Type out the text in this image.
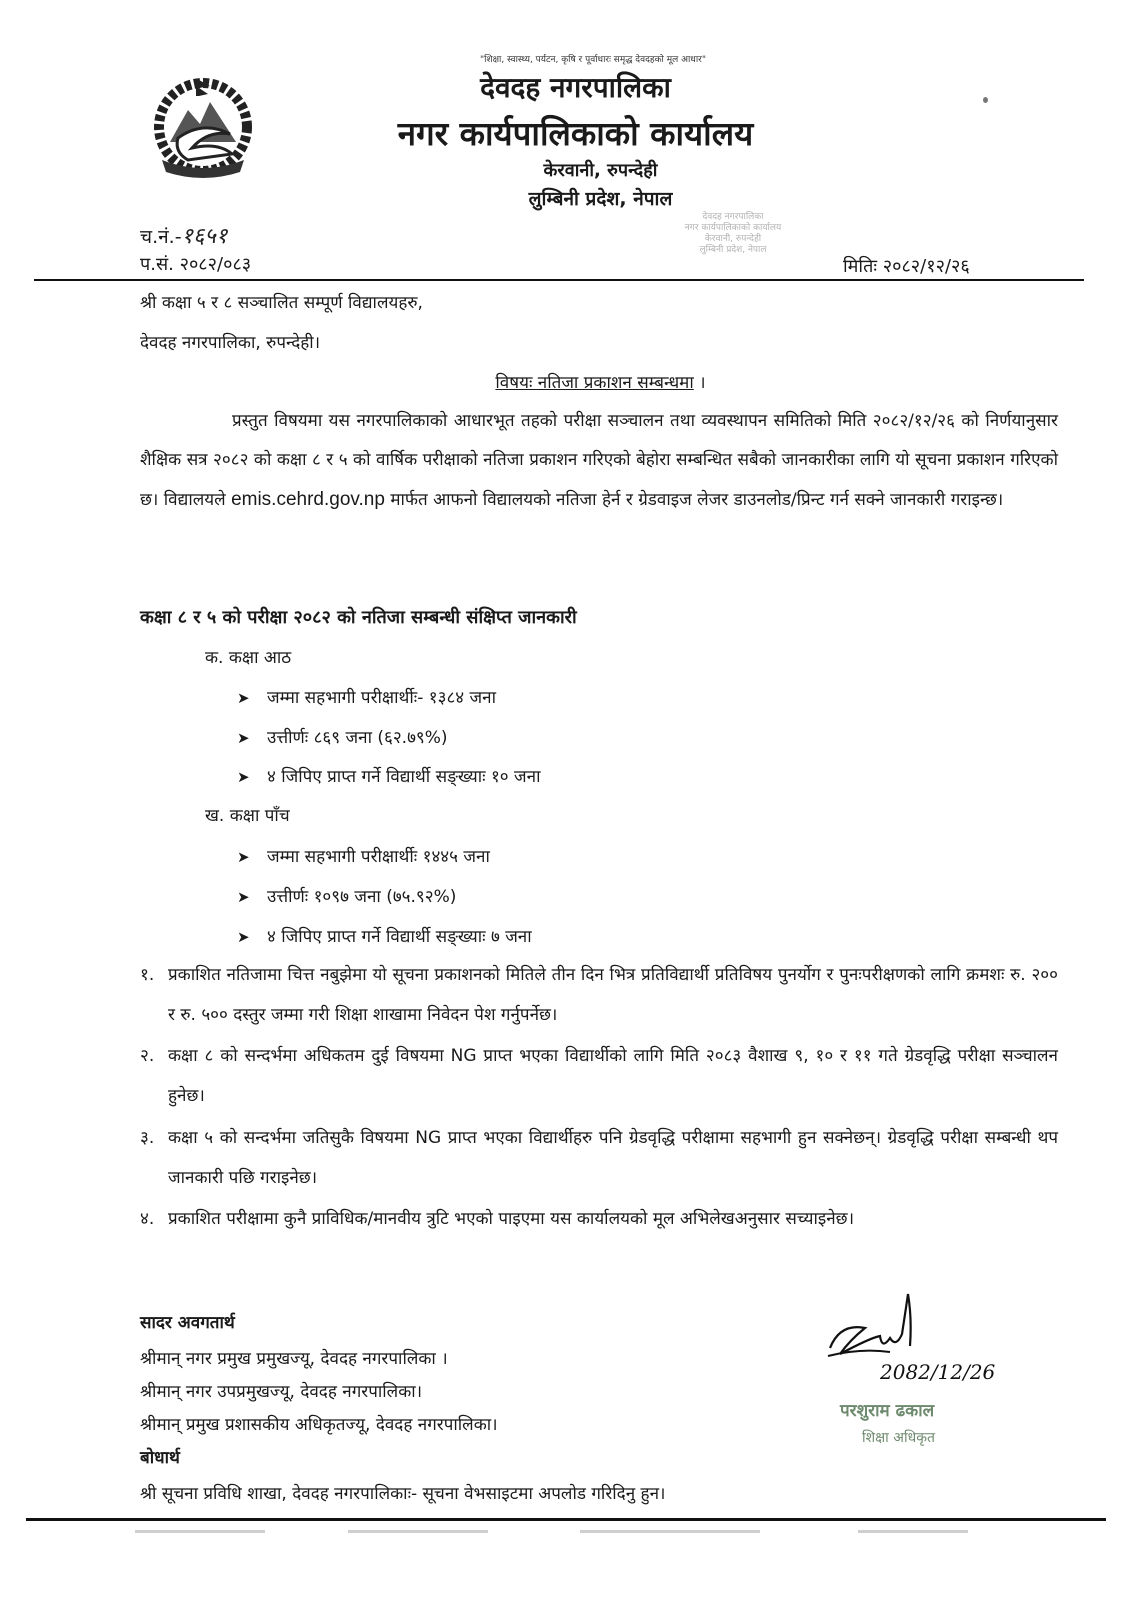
"शिक्षा, स्वास्थ्य, पर्यटन, कृषि र पूर्वाधारः समृद्ध देवदहको मूल आधार"
देवदह नगरपालिका
नगर कार्यपालिकाको कार्यालय
केरवानी, रुपन्देही
लुम्बिनी प्रदेश, नेपाल
देवदह नगरपालिका
नगर कार्यपालिकाको कार्यालय
केरवानी, रुपन्देही
लुम्बिनी प्रदेश, नेपाल
च.नं.-१६५१
प.सं. २०८२/०८३	मितिः २०८२/१२/२६
श्री कक्षा ५ र ८ सञ्चालित सम्पूर्ण विद्यालयहरु,
देवदह नगरपालिका, रुपन्देही।
विषयः नतिजा प्रकाशन सम्बन्धमा ।
प्रस्तुत विषयमा यस नगरपालिकाको आधारभूत तहको परीक्षा सञ्चालन तथा व्यवस्थापन समितिको मिति २०८२/१२/२६ को निर्णयानुसार शैक्षिक सत्र २०८२ को कक्षा ८ र ५ को वार्षिक परीक्षाको नतिजा प्रकाशन गरिएको बेहोरा सम्बन्धित सबैको जानकारीका लागि यो सूचना प्रकाशन गरिएको छ। विद्यालयले emis.cehrd.gov.np मार्फत आफनो विद्यालयको नतिजा हेर्न र ग्रेडवाइज लेजर डाउनलोड/प्रिन्ट गर्न सक्ने जानकारी गराइन्छ।
कक्षा ८ र ५ को परीक्षा २०८२ को नतिजा सम्बन्धी संक्षिप्त जानकारी
क. कक्षा आठ
➤ जम्मा सहभागी परीक्षार्थीः- १३८४ जना
➤ उत्तीर्णः ८६९ जना (६२.७९%)
➤ ४ जिपिए प्राप्त गर्ने विद्यार्थी सङ्ख्याः १० जना
ख. कक्षा पाँच
➤ जम्मा सहभागी परीक्षार्थीः १४४५ जना
➤ उत्तीर्णः १०९७ जना (७५.९२%)
➤ ४ जिपिए प्राप्त गर्ने विद्यार्थी सङ्ख्याः ७ जना
१. प्रकाशित नतिजामा चित्त नबुझेमा यो सूचना प्रकाशनको मितिले तीन दिन भित्र प्रतिविद्यार्थी प्रतिविषय पुनर्योग र पुनःपरीक्षणको लागि क्रमशः रु. २०० र रु. ५०० दस्तुर जम्मा गरी शिक्षा शाखामा निवेदन पेश गर्नुपर्नेछ।
२. कक्षा ८ को सन्दर्भमा अधिकतम दुई विषयमा NG प्राप्त भएका विद्यार्थीको लागि मिति २०८३ वैशाख ९, १० र ११ गते ग्रेडवृद्धि परीक्षा सञ्चालन हुनेछ।
३. कक्षा ५ को सन्दर्भमा जतिसुकै विषयमा NG प्राप्त भएका विद्यार्थीहरु पनि ग्रेडवृद्धि परीक्षामा सहभागी हुन सक्नेछन्। ग्रेडवृद्धि परीक्षा सम्बन्धी थप जानकारी पछि गराइनेछ।
४. प्रकाशित परीक्षामा कुनै प्राविधिक/मानवीय त्रुटि भएको पाइएमा यस कार्यालयको मूल अभिलेखअनुसार सच्याइनेछ।
सादर अवगतार्थ
श्रीमान् नगर प्रमुख प्रमुखज्यू, देवदह नगरपालिका ।
श्रीमान् नगर उपप्रमुखज्यू, देवदह नगरपालिका।
श्रीमान् प्रमुख प्रशासकीय अधिकृतज्यू, देवदह नगरपालिका।
बोधार्थ
श्री सूचना प्रविधि शाखा, देवदह नगरपालिकाः- सूचना वेभसाइटमा अपलोड गरिदिनु हुन।
2082/12/26
परशुराम ढकाल
शिक्षा अधिकृत
